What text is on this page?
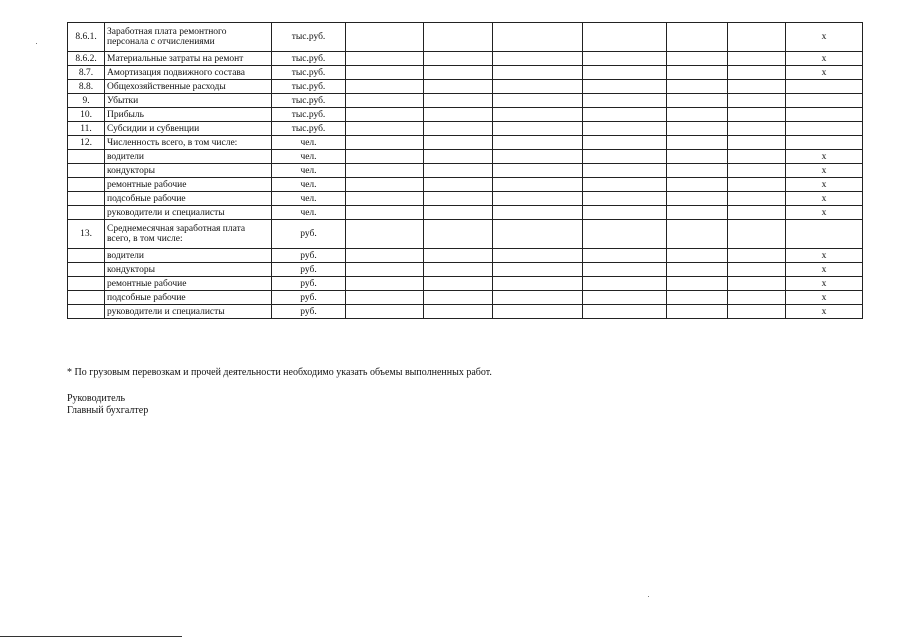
8.6.1.	Заработная плата ремонтного персонала с отчислениями	тыс.руб.							х
8.6.2.	Материальные затраты на ремонт	тыс.руб.							х
8.7.	Амортизация подвижного состава	тыс.руб.							х
8.8.	Общехозяйственные расходы	тыс.руб.							
9.	Убытки	тыс.руб.							
10.	Прибыль	тыс.руб.							
11.	Субсидии и субвенции	тыс.руб.							
12.	Численность всего, в том числе:	чел.							
	водители	чел.							х
	кондукторы	чел.							х
	ремонтные рабочие	чел.							х
	подсобные рабочие	чел.							х
	руководители и специалисты	чел.							х
13.	Среднемесячная заработная плата всего, в том числе:	руб.							
	водители	руб.							х
	кондукторы	руб.							х
	ремонтные рабочие	руб.							х
	подсобные рабочие	руб.							х
	руководители и специалисты	руб.							х
* По грузовым перевозкам и прочей деятельности необходимо указать объемы выполненных работ.
Руководитель
Главный бухгалтер
